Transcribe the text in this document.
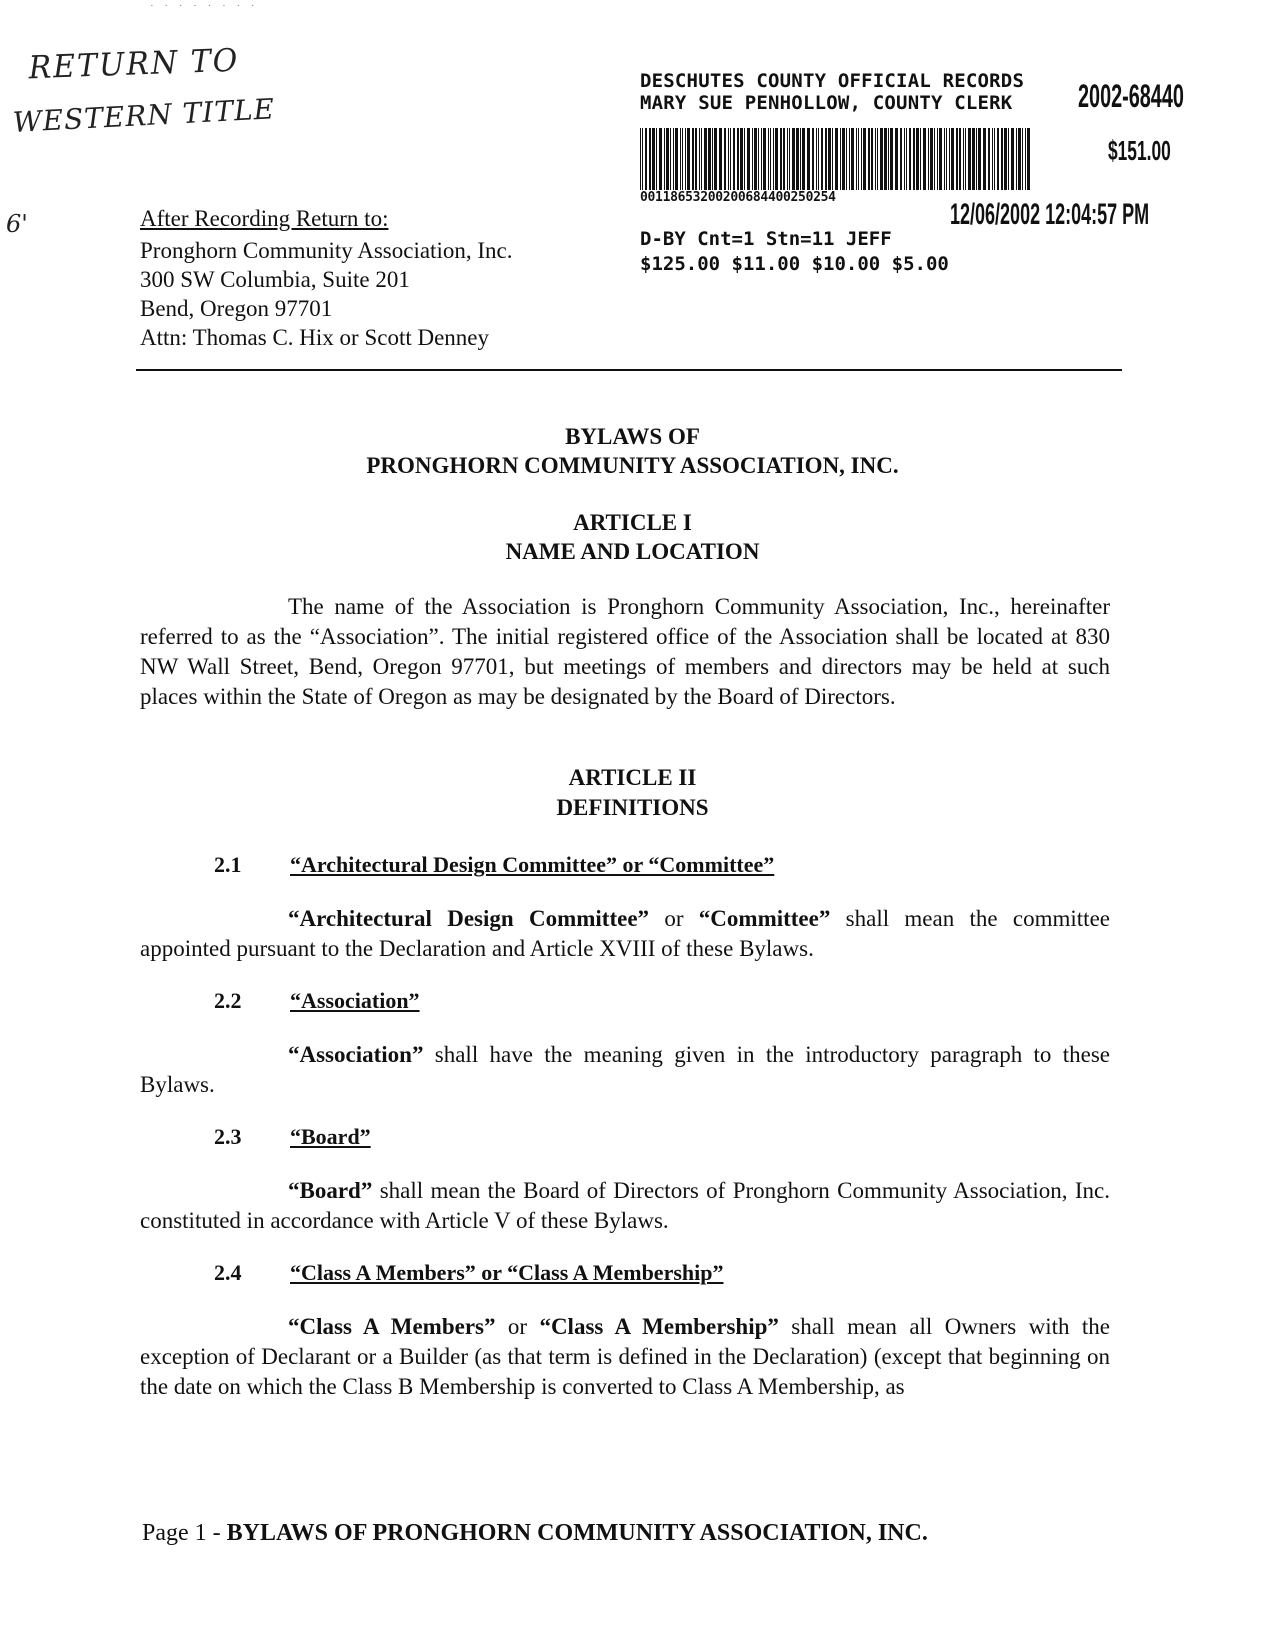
· · · · · · · ·
RETURN TO
WESTERN TITLE
6'
DESCHUTES COUNTY OFFICIAL RECORDS
MARY SUE PENHOLLOW, COUNTY CLERK 2002-68440
$151.00
00118653200200684400250254
12/06/2002 12:04:57 PM
D-BY Cnt=1 Stn=11 JEFF
$125.00 $11.00 $10.00 $5.00
After Recording Return to:
Pronghorn Community Association, Inc.
300 SW Columbia, Suite 201
Bend, Oregon 97701
Attn: Thomas C. Hix or Scott Denney
BYLAWS OF
PRONGHORN COMMUNITY ASSOCIATION, INC.
ARTICLE I
NAME AND LOCATION
The name of the Association is Pronghorn Community Association, Inc., hereinafter referred to as the “Association”. The initial registered office of the Association shall be located at 830 NW Wall Street, Bend, Oregon 97701, but meetings of members and directors may be held at such places within the State of Oregon as may be designated by the Board of Directors.
ARTICLE II
DEFINITIONS
2.1 “Architectural Design Committee” or “Committee”
“Architectural Design Committee” or “Committee” shall mean the committee appointed pursuant to the Declaration and Article XVIII of these Bylaws.
2.2 “Association”
“Association” shall have the meaning given in the introductory paragraph to these Bylaws.
2.3 “Board”
“Board” shall mean the Board of Directors of Pronghorn Community Association, Inc. constituted in accordance with Article V of these Bylaws.
2.4 “Class A Members” or “Class A Membership”
“Class A Members” or “Class A Membership” shall mean all Owners with the exception of Declarant or a Builder (as that term is defined in the Declaration) (except that beginning on the date on which the Class B Membership is converted to Class A Membership, as
Page 1 - BYLAWS OF PRONGHORN COMMUNITY ASSOCIATION, INC.
